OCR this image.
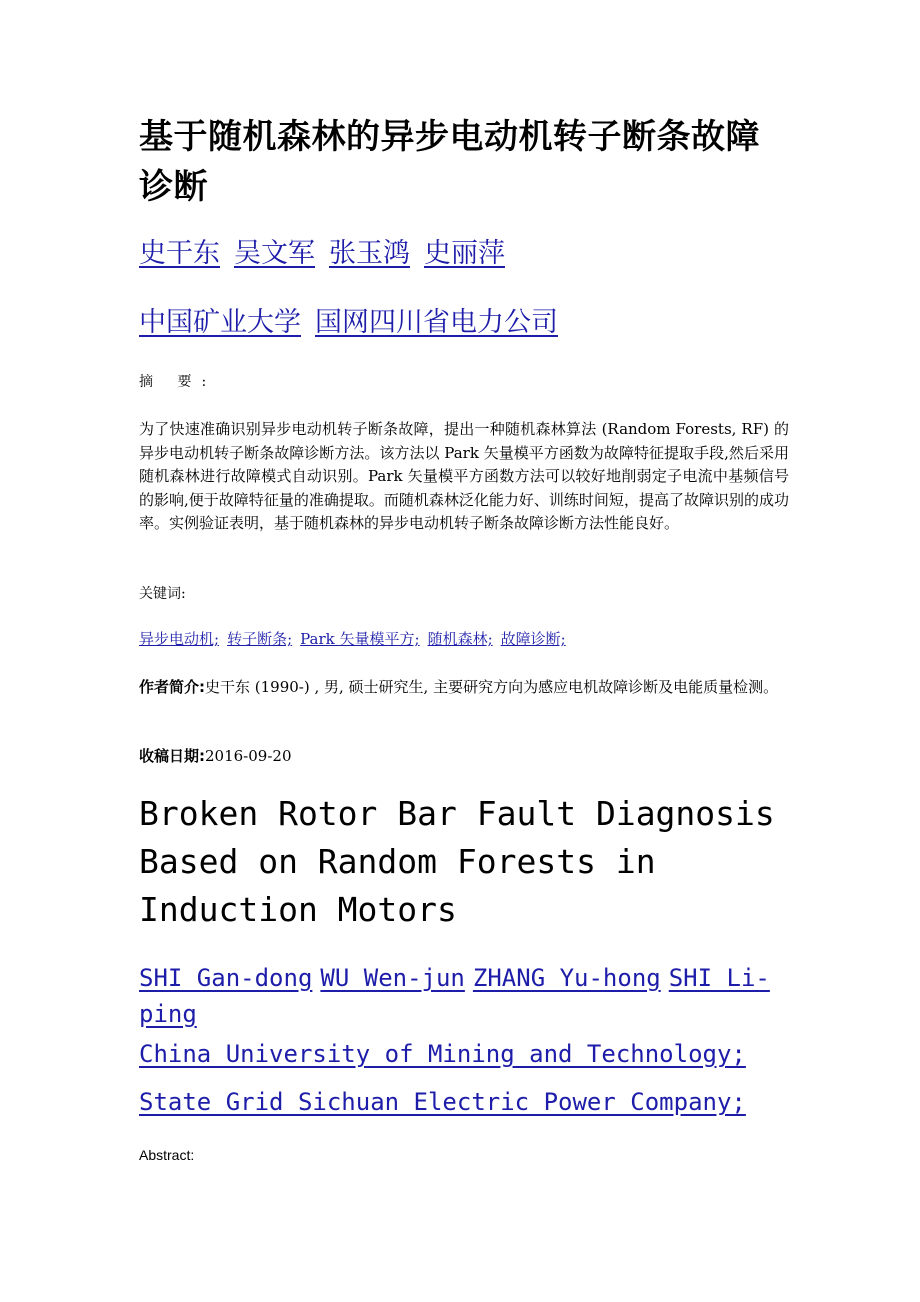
基于随机森林的异步电动机转子断条故障诊断
史干东 吴文军 张玉鸿 史丽萍
中国矿业大学 国网四川省电力公司
摘 要:
为了快速准确识别异步电动机转子断条故障，提出一种随机森林算法 (Random Forests, RF) 的异步电动机转子断条故障诊断方法。该方法以 Park 矢量模平方函数为故障特征提取手段,然后采用随机森林进行故障模式自动识别。Park 矢量模平方函数方法可以较好地削弱定子电流中基频信号的影响,便于故障特征量的准确提取。而随机森林泛化能力好、训练时间短，提高了故障识别的成功率。实例验证表明，基于随机森林的异步电动机转子断条故障诊断方法性能良好。
关键词:
异步电动机; 转子断条; Park 矢量模平方; 随机森林; 故障诊断;
作者简介:史干东 (1990-) , 男, 硕士研究生, 主要研究方向为感应电机故障诊断及电能质量检测。
收稿日期:2016-09-20
Broken Rotor Bar Fault Diagnosis Based on Random Forests in Induction Motors
SHI Gan-dong WU Wen-jun ZHANG Yu-hong SHI Li-ping
China University of Mining and Technology; State Grid Sichuan Electric Power Company;
Abstract:
